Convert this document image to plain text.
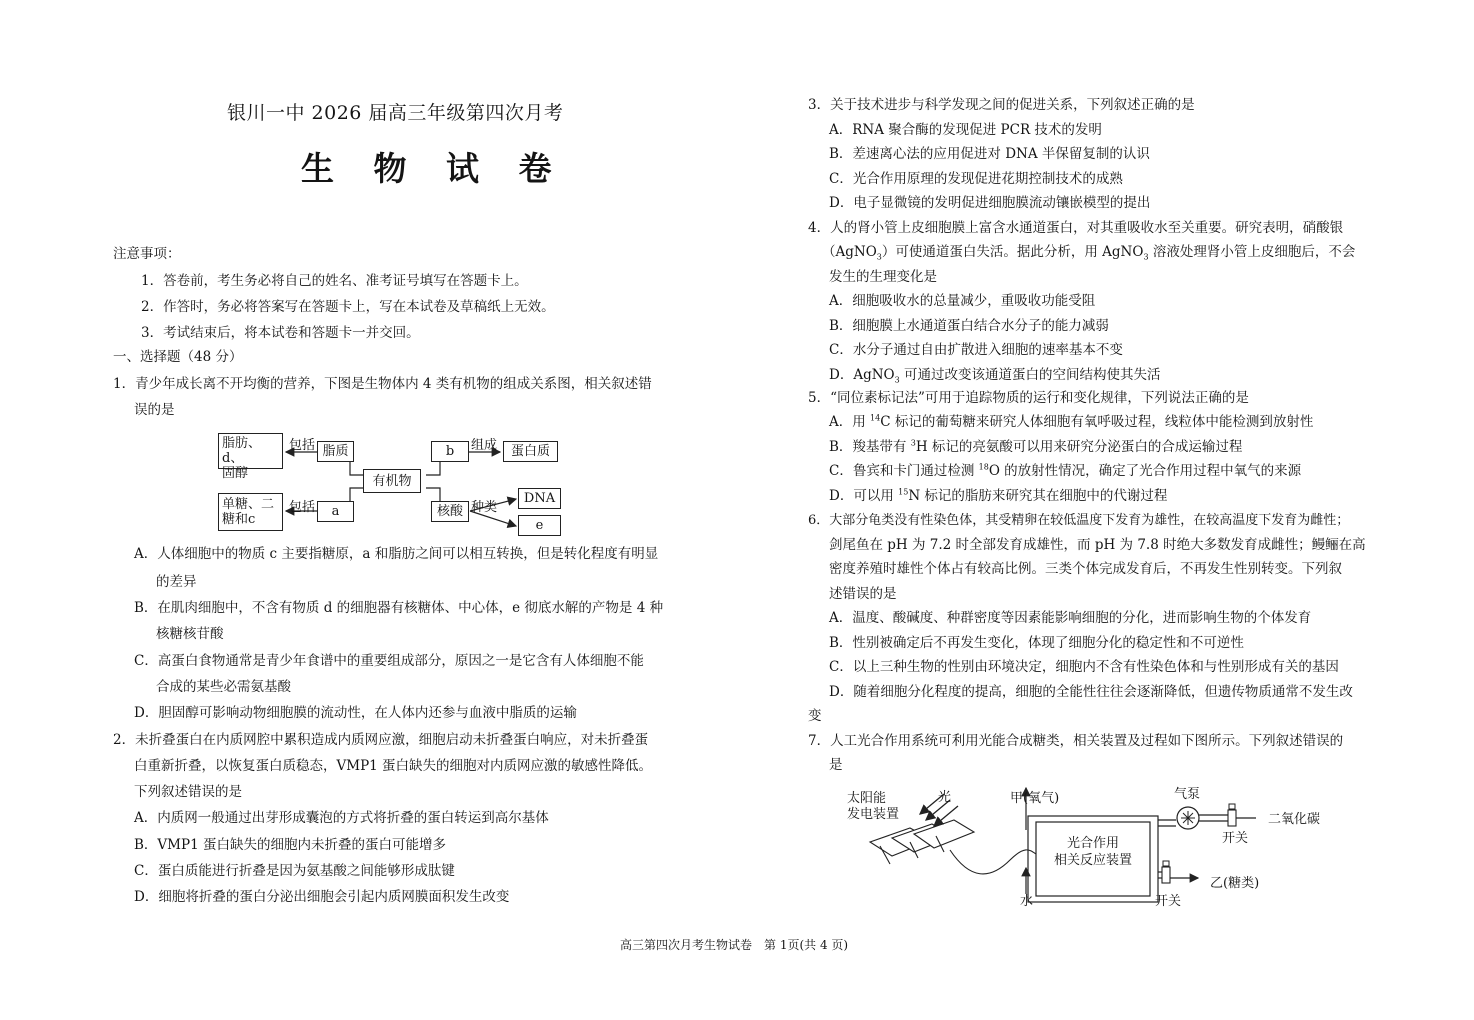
银川一中 2026 届高三年级第四次月考
生 物 试 卷
注意事项：
1．答卷前，考生务必将自己的姓名、准考证号填写在答题卡上。
2．作答时，务必将答案写在答题卡上，写在本试卷及草稿纸上无效。
3．考试结束后，将本试卷和答题卡一并交回。
一、选择题（48 分）
1．青少年成长离不开均衡的营养，下图是生物体内 4 类有机物的组成关系图，相关叙述错
误的是
脂肪、d、
固醇
包括 脂质
有机物
b	组成	蛋白质
单糖、二
糖和c
包括	a	核酸 种类
DNA
e
A．人体细胞中的物质 c 主要指糖原，a 和脂肪之间可以相互转换，但是转化程度有明显
的差异
B．在肌肉细胞中，不含有物质 d 的细胞器有核糖体、中心体，e 彻底水解的产物是 4 种
核糖核苷酸
C．高蛋白食物通常是青少年食谱中的重要组成部分，原因之一是它含有人体细胞不能
合成的某些必需氨基酸
D．胆固醇可影响动物细胞膜的流动性，在人体内还参与血液中脂质的运输
2．未折叠蛋白在内质网腔中累积造成内质网应激，细胞启动未折叠蛋白响应，对未折叠蛋
白重新折叠，以恢复蛋白质稳态，VMP1 蛋白缺失的细胞对内质网应激的敏感性降低。
下列叙述错误的是
A．内质网一般通过出芽形成囊泡的方式将折叠的蛋白转运到高尔基体
B．VMP1 蛋白缺失的细胞内未折叠的蛋白可能增多
C．蛋白质能进行折叠是因为氨基酸之间能够形成肽键
D．细胞将折叠的蛋白分泌出细胞会引起内质网膜面积发生改变
3．关于技术进步与科学发现之间的促进关系，下列叙述正确的是
A．RNA 聚合酶的发现促进 PCR 技术的发明
B．差速离心法的应用促进对 DNA 半保留复制的认识
C．光合作用原理的发现促进花期控制技术的成熟
D．电子显微镜的发明促进细胞膜流动镶嵌模型的提出
4．人的肾小管上皮细胞膜上富含水通道蛋白，对其重吸收水至关重要。研究表明，硝酸银
（AgNO$_3$）可使通道蛋白失活。据此分析，用 AgNO$_3$ 溶液处理肾小管上皮细胞后，不会
发生的生理变化是
A．细胞吸收水的总量减少，重吸收功能受阻
B．细胞膜上水通道蛋白结合水分子的能力减弱
C．水分子通过自由扩散进入细胞的速率基本不变
D．AgNO$_3$ 可通过改变该通道蛋白的空间结构使其失活
5．“同位素标记法”可用于追踪物质的运行和变化规律，下列说法正确的是
A．用 $^{14}$C 标记的葡萄糖来研究人体细胞有氧呼吸过程，线粒体中能检测到放射性
B．羧基带有 $^3$H 标记的亮氨酸可以用来研究分泌蛋白的合成运输过程
C．鲁宾和卡门通过检测 $^{18}$O 的放射性情况，确定了光合作用过程中氧气的来源
D．可以用 $^{15}$N 标记的脂肪来研究其在细胞中的代谢过程
6．大部分龟类没有性染色体，其受精卵在较低温度下发育为雄性，在较高温度下发育为雌性；
剑尾鱼在 pH 为 7.2 时全部发育成雄性，而 pH 为 7.8 时绝大多数发育成雌性；鳗鲡在高
密度养殖时雄性个体占有较高比例。三类个体完成发育后，不再发生性别转变。下列叙
述错误的是
A．温度、酸碱度、种群密度等因素能影响细胞的分化，进而影响生物的个体发育
B．性别被确定后不再发生变化，体现了细胞分化的稳定性和不可逆性
C．以上三种生物的性别由环境决定，细胞内不含有性染色体和与性别形成有关的基因
D．随着细胞分化程度的提高，细胞的全能性往往会逐渐降低，但遗传物质通常不发生改
变
7．人工光合作用系统可利用光能合成糖类，相关装置及过程如下图所示。下列叙述错误的
是
太阳能
发电装置
光	甲(氧气)	气泵
二氧化碳
开关
光合作用
相关反应装置
乙(糖类)
水	开关
高三第四次月考生物试卷　第 1页(共 4 页)
